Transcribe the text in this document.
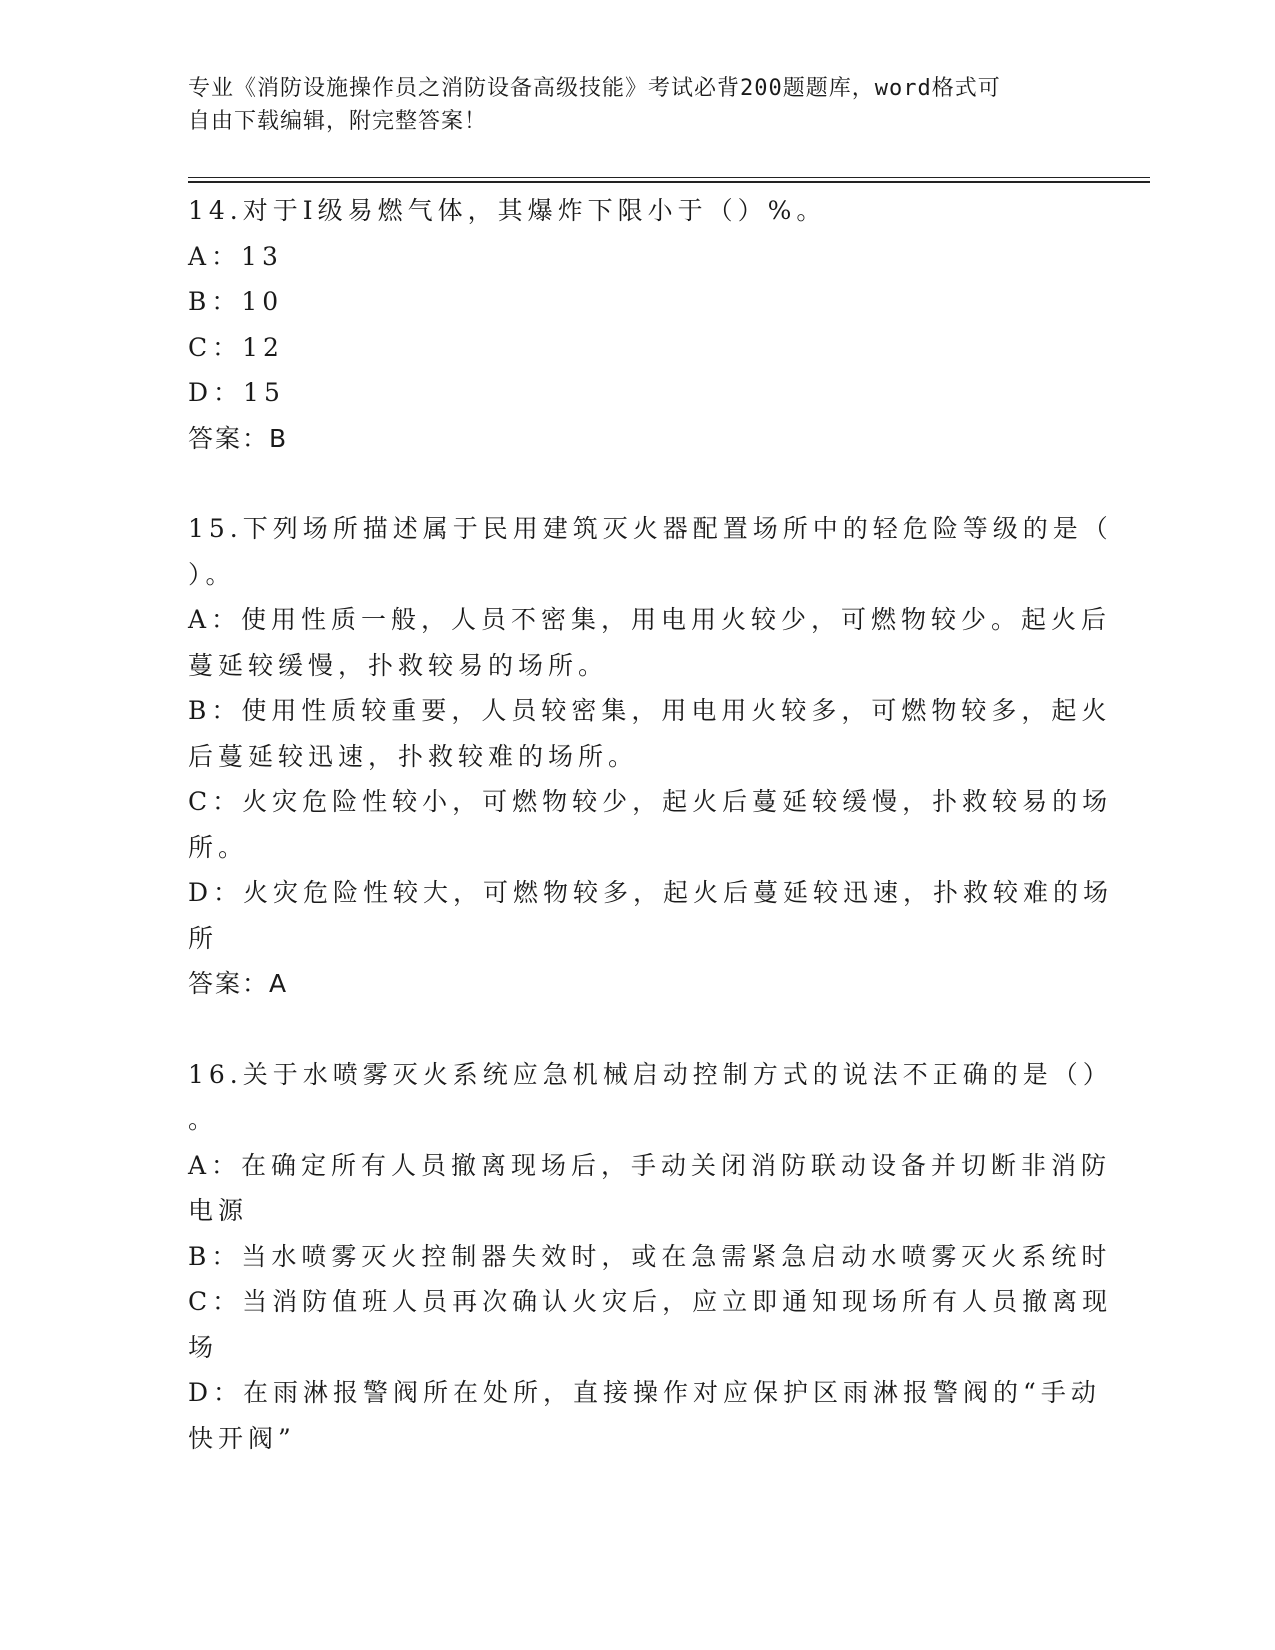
专业《消防设施操作员之消防设备高级技能》考试必背200题题库，word格式可
自由下载编辑，附完整答案！
14.对于Ⅰ级易燃气体，其爆炸下限小于（）%。
A：13
B：10
C：12
D：15
答案：B
15.下列场所描述属于民用建筑灭火器配置场所中的轻危险等级的是（
）。
A：使用性质一般，人员不密集，用电用火较少，可燃物较少。起火后
蔓延较缓慢，扑救较易的场所。
B：使用性质较重要，人员较密集，用电用火较多，可燃物较多，起火
后蔓延较迅速，扑救较难的场所。
C：火灾危险性较小，可燃物较少，起火后蔓延较缓慢，扑救较易的场
所。
D：火灾危险性较大，可燃物较多，起火后蔓延较迅速，扑救较难的场
所
答案：A
16.关于水喷雾灭火系统应急机械启动控制方式的说法不正确的是（）
。
A：在确定所有人员撤离现场后，手动关闭消防联动设备并切断非消防
电源
B：当水喷雾灭火控制器失效时，或在急需紧急启动水喷雾灭火系统时
C：当消防值班人员再次确认火灾后，应立即通知现场所有人员撤离现
场
D：在雨淋报警阀所在处所，直接操作对应保护区雨淋报警阀的“手动
快开阀”
